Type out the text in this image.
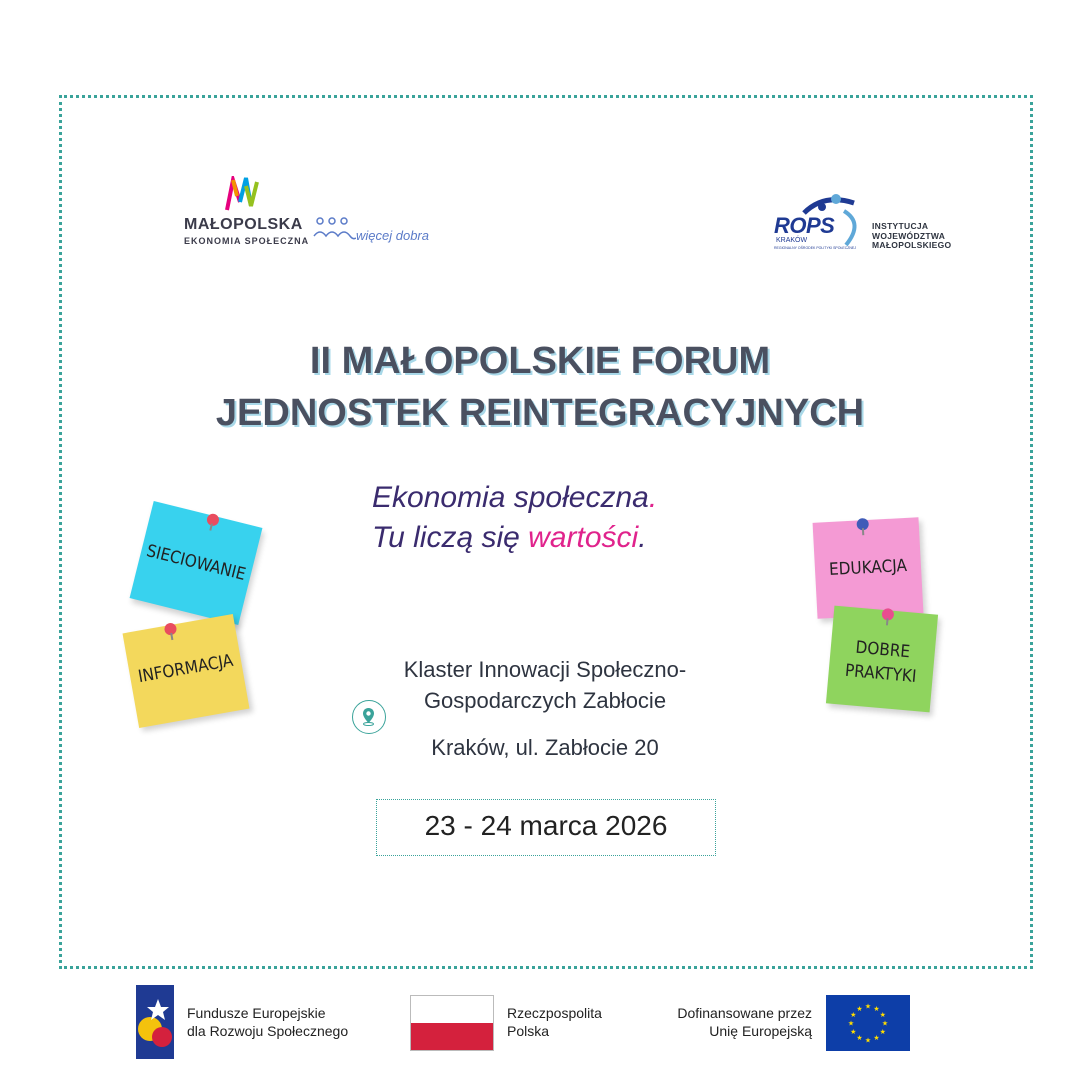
MAŁOPOLSKA
EKONOMIA SPOŁECZNA	więcej dobra	ROPS
KRAKÓW
REGIONALNY OŚRODEK POLITYKI SPOŁECZNEJ
INSTYTUCJA
WOJEWÓDZTWA
MAŁOPOLSKIEGO
II MAŁOPOLSKIE FORUM
JEDNOSTEK REINTEGRACYJNYCH
Ekonomia społeczna.
Tu liczą się wartości.
SIECIOWANIE
INFORMACJA
EDUKACJA
DOBRE
PRAKTYKI
Klaster Innowacji Społeczno-
Gospodarczych Zabłocie
Kraków, ul. Zabłocie 20
23 - 24 marca 2026
Fundusze Europejskie
dla Rozwoju Społecznego
Rzeczpospolita
Polska
Dofinansowane przez
Unię Europejską	★
★
★
★
★
★
★
★
★ ★ ★
★
